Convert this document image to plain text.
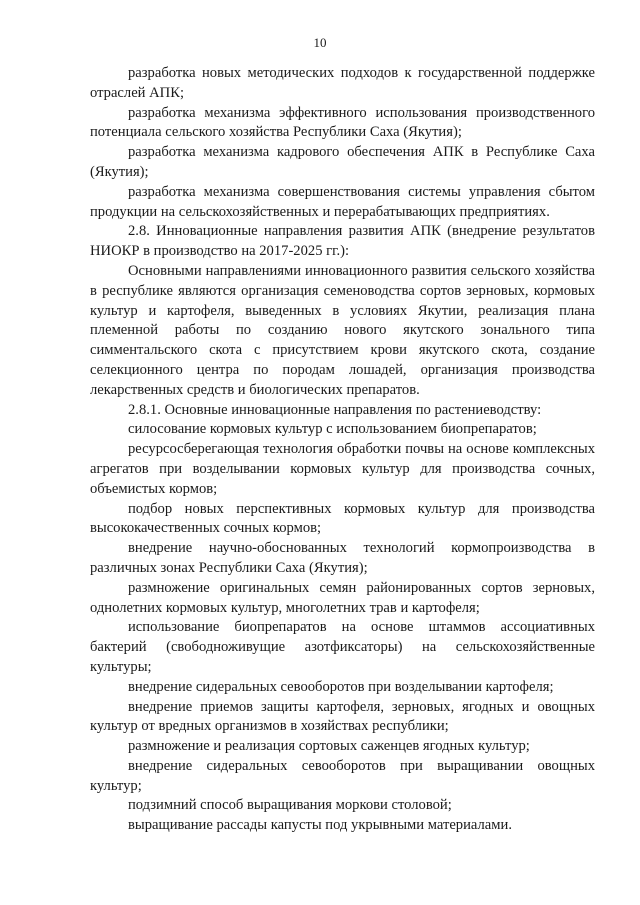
10

разработка новых методических подходов к государственной поддержке отраслей АПК;

разработка механизма эффективного использования производственного потенциала сельского хозяйства Республики Саха (Якутия);

разработка механизма кадрового обеспечения АПК в Республике Саха (Якутия);

разработка механизма совершенствования системы управления сбытом продукции на сельскохозяйственных и перерабатывающих предприятиях.

2.8. Инновационные направления развития АПК (внедрение результатов НИОКР в производство на 2017-2025 гг.):

Основными направлениями инновационного развития сельского хозяйства в республике являются организация семеноводства сортов зерновых, кормовых культур и картофеля, выведенных в условиях Якутии, реализация плана племенной работы по созданию нового якутского зонального типа симментальского скота с присутствием крови якутского скота, создание селекционного центра по породам лошадей, организация производства лекарственных средств и биологических препаратов.

2.8.1. Основные инновационные направления по растениеводству:

силосование кормовых культур с использованием биопрепаратов;

ресурсосберегающая технология обработки почвы на основе комплексных агрегатов при возделывании кормовых культур для производства сочных, объемистых кормов;

подбор новых перспективных кормовых культур для производства высококачественных сочных кормов;

внедрение научно-обоснованных технологий кормопроизводства в различных зонах Республики Саха (Якутия);

размножение оригинальных семян районированных сортов зерновых, однолетних кормовых культур, многолетних трав и картофеля;

использование биопрепаратов на основе штаммов ассоциативных бактерий (свободноживущие азотфиксаторы) на сельскохозяйственные культуры;

внедрение сидеральных севооборотов при возделывании картофеля;

внедрение приемов защиты картофеля, зерновых, ягодных и овощных культур от вредных организмов в хозяйствах республики;

размножение и реализация сортовых саженцев ягодных культур;

внедрение сидеральных севооборотов при выращивании овощных культур;

подзимний способ выращивания моркови столовой;

выращивание рассады капусты под укрывными материалами.
